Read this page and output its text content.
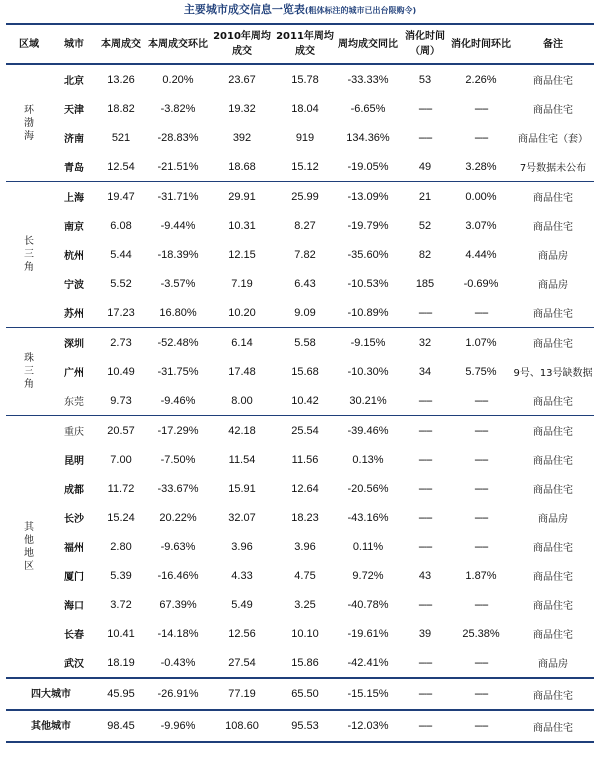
主要城市成交信息一览表(粗体标注的城市已出台限购令)
区域	城市	本周成交	本周成交环比	2010年周均成交	2011年周均成交	周均成交同比	消化时间（周）	消化时间环比	备注
环渤海	北京	13.26	0.20%	23.67	15.78	-33.33%	53	2.26%	商品住宅
	天津	18.82	-3.82%	19.32	18.04	-6.65%	-----	-----	商品住宅
	济南	521	-28.83%	392	919	134.36%	-----	-----	商品住宅（套）
	青岛	12.54	-21.51%	18.68	15.12	-19.05%	49	3.28%	7号数据未公布
长三角	上海	19.47	-31.71%	29.91	25.99	-13.09%	21	0.00%	商品住宅
	南京	6.08	-9.44%	10.31	8.27	-19.79%	52	3.07%	商品住宅
	杭州	5.44	-18.39%	12.15	7.82	-35.60%	82	4.44%	商品房
	宁波	5.52	-3.57%	7.19	6.43	-10.53%	185	-0.69%	商品房
	苏州	17.23	16.80%	10.20	9.09	-10.89%	-----	-----	商品住宅
珠三角	深圳	2.73	-52.48%	6.14	5.58	-9.15%	32	1.07%	商品住宅
	广州	10.49	-31.75%	17.48	15.68	-10.30%	34	5.75%	9号、13号缺数据
	东莞	9.73	-9.46%	8.00	10.42	30.21%	-----	-----	商品住宅
其他地区	重庆	20.57	-17.29%	42.18	25.54	-39.46%	-----	-----	商品住宅
	昆明	7.00	-7.50%	11.54	11.56	0.13%	-----	-----	商品住宅
	成都	11.72	-33.67%	15.91	12.64	-20.56%	-----	-----	商品住宅
	长沙	15.24	20.22%	32.07	18.23	-43.16%	-----	-----	商品房
	福州	2.80	-9.63%	3.96	3.96	0.11%	-----	-----	商品住宅
	厦门	5.39	-16.46%	4.33	4.75	9.72%	43	1.87%	商品住宅
	海口	3.72	67.39%	5.49	3.25	-40.78%	-----	-----	商品住宅
	长春	10.41	-14.18%	12.56	10.10	-19.61%	39	25.38%	商品住宅
	武汉	18.19	-0.43%	27.54	15.86	-42.41%	-----	-----	商品房
四大城市		45.95	-26.91%	77.19	65.50	-15.15%	-----	-----	商品住宅
其他城市		98.45	-9.96%	108.60	95.53	-12.03%	-----	-----	商品住宅
